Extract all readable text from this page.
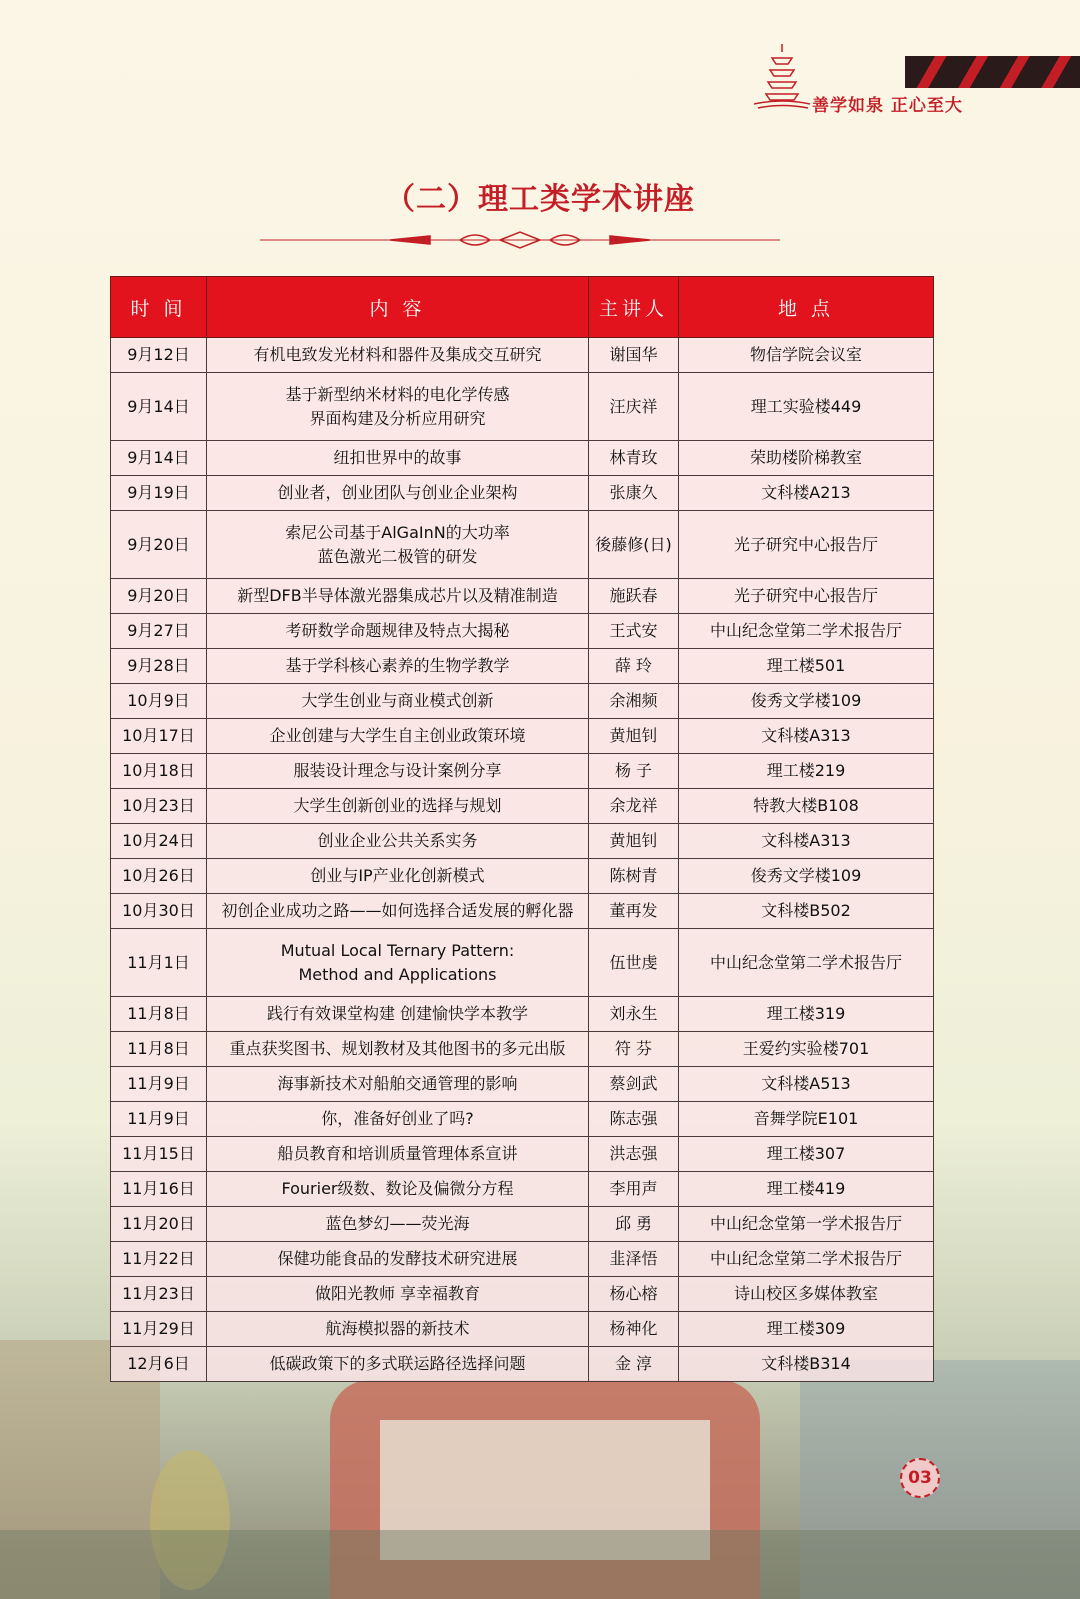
善学如泉 正心至大
（二）理工类学术讲座
时 间	内 容	主讲人	地 点
9月12日	有机电致发光材料和器件及集成交互研究	谢国华	物信学院会议室
9月14日	基于新型纳米材料的电化学传感
界面构建及分析应用研究	汪庆祥	理工实验楼449
9月14日	纽扣世界中的故事	林青玫	荣助楼阶梯教室
9月19日	创业者，创业团队与创业企业架构	张康久	文科楼A213
9月20日	索尼公司基于AlGaInN的大功率
蓝色激光二极管的研发	後藤修(日)	光子研究中心报告厅
9月20日	新型DFB半导体激光器集成芯片以及精准制造	施跃春	光子研究中心报告厅
9月27日	考研数学命题规律及特点大揭秘	王式安	中山纪念堂第二学术报告厅
9月28日	基于学科核心素养的生物学教学	薛 玲	理工楼501
10月9日	大学生创业与商业模式创新	余湘频	俊秀文学楼109
10月17日	企业创建与大学生自主创业政策环境	黄旭钊	文科楼A313
10月18日	服装设计理念与设计案例分享	杨 子	理工楼219
10月23日	大学生创新创业的选择与规划	余龙祥	特教大楼B108
10月24日	创业企业公共关系实务	黄旭钊	文科楼A313
10月26日	创业与IP产业化创新模式	陈树青	俊秀文学楼109
10月30日	初创企业成功之路——如何选择合适发展的孵化器	董再发	文科楼B502
11月1日	Mutual Local Ternary Pattern:
Method and Applications	伍世虔	中山纪念堂第二学术报告厅
11月8日	践行有效课堂构建 创建愉快学本教学	刘永生	理工楼319
11月8日	重点获奖图书、规划教材及其他图书的多元出版	符 芬	王爱约实验楼701
11月9日	海事新技术对船舶交通管理的影响	蔡剑武	文科楼A513
11月9日	你，准备好创业了吗?	陈志强	音舞学院E101
11月15日	船员教育和培训质量管理体系宣讲	洪志强	理工楼307
11月16日	Fourier级数、数论及偏微分方程	李用声	理工楼419
11月20日	蓝色梦幻——荧光海	邱 勇	中山纪念堂第一学术报告厅
11月22日	保健功能食品的发酵技术研究进展	韭泽悟	中山纪念堂第二学术报告厅
11月23日	做阳光教师 享幸福教育	杨心榕	诗山校区多媒体教室
11月29日	航海模拟器的新技术	杨神化	理工楼309
12月6日	低碳政策下的多式联运路径选择问题	金 淳	文科楼B314
03
